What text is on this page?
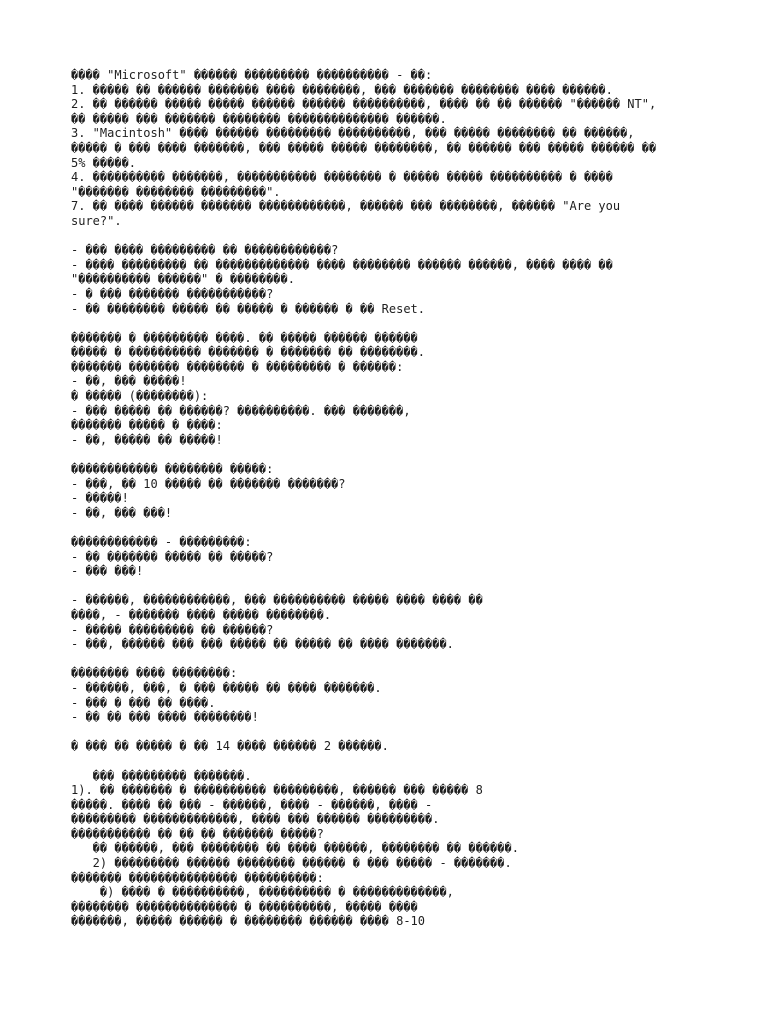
���� "Microsoft" ������ ��������� ���������� - ��:
1. ����� �� ������ ������� ���� ��������, ��� ������� �������� ���� ������.
2. �� ������ ����� ����� ������ ������ ����������, ���� �� �� ������ "������ NT",
�� ����� ��� ������� �������� �������������� ������.
3. "Macintosh" ���� ������ ��������� ����������, ��� ����� �������� �� ������,
����� � ��� ���� �������, ��� ����� ����� ��������, �� ������ ��� ����� ������ ��
5% �����.
4. ���������� �������, ����������� �������� � ����� ����� ���������� � ����
"������� �������� ���������".
7. �� ���� ������ ������� ������������, ������ ��� ��������, ������ "Are you
sure?".
- ��� ���� ��������� �� ������������?
- ���� ��������� �� ������������� ���� �������� ������ ������, ���� ���� ��
"���������� ������" � ��������.
- � ��� ������� �����������?
- �� �������� ����� �� ����� � ������ � �� Reset.
������� � ��������� ����. �� ����� ������ ������
����� � ���������� ������� � ������� �� ��������.
������� ������� �������� � ��������� � ������:
- ��, ��� �����!
� ����� (��������):
- ��� ����� �� ������? ����������. ��� �������,
������� ����� � ����:
- ��, ����� �� �����!
������������ �������� �����:
- ���, �� 10 ����� �� ������� �������?
- �����!
- ��, ��� ���!
������������ - ���������:
- �� ������� ����� �� �����?
- ��� ���!
- ������, ������������, ��� ���������� ����� ���� ���� ��
����, - ������� ���� ����� ��������.
- ����� ��������� �� ������?
- ���, ������ ��� ��� ����� �� ����� �� ���� �������.
�������� ���� ��������:
- ������, ���, � ��� ����� �� ���� �������.
- ��� � ��� �� ����.
- �� �� ��� ���� ��������!
� ��� �� ����� � �� 14 ���� ������ 2 ������.
��� ��������� �������.
1). �� ������� � ���������� ���������, ������ ��� ����� 8
�����. ���� �� ��� - ������, ���� - ������, ���� -
��������� �������������, ���� ��� ������ ���������.
����������� �� �� �� ������� �����?
�� ������, ��� �������� �� ���� ������, �������� �� ������.
2) ��������� ������ �������� ������ � ��� ����� - �������.
������� ��������������� ����������:
�) ���� � ����������, ���������� � �������������,
�������� �������������� � ����������, ����� ����
�������, ����� ������ � �������� ������ ���� 8-10
